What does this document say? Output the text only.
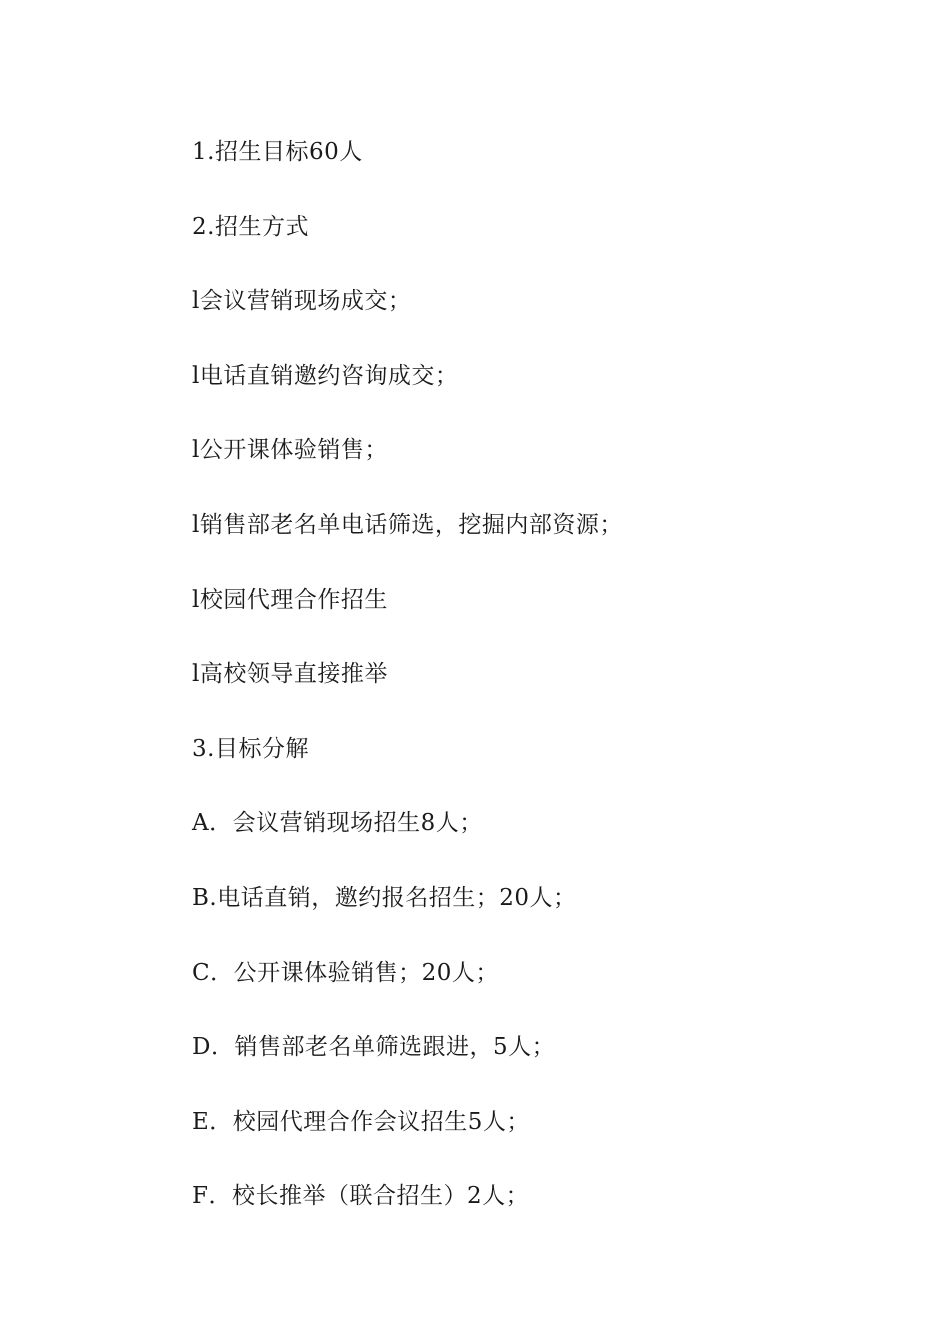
1.招生目标60人
2.招生方式
l会议营销现场成交；
l电话直销邀约咨询成交；
l公开课体验销售；
l销售部老名单电话筛选，挖掘内部资源；
l校园代理合作招生
l高校领导直接推举
3.目标分解
A．会议营销现场招生8人；
B.电话直销，邀约报名招生；20人；
C．公开课体验销售；20人；
D．销售部老名单筛选跟进，5人；
E．校园代理合作会议招生5人；
F．校长推举（联合招生）2人；
